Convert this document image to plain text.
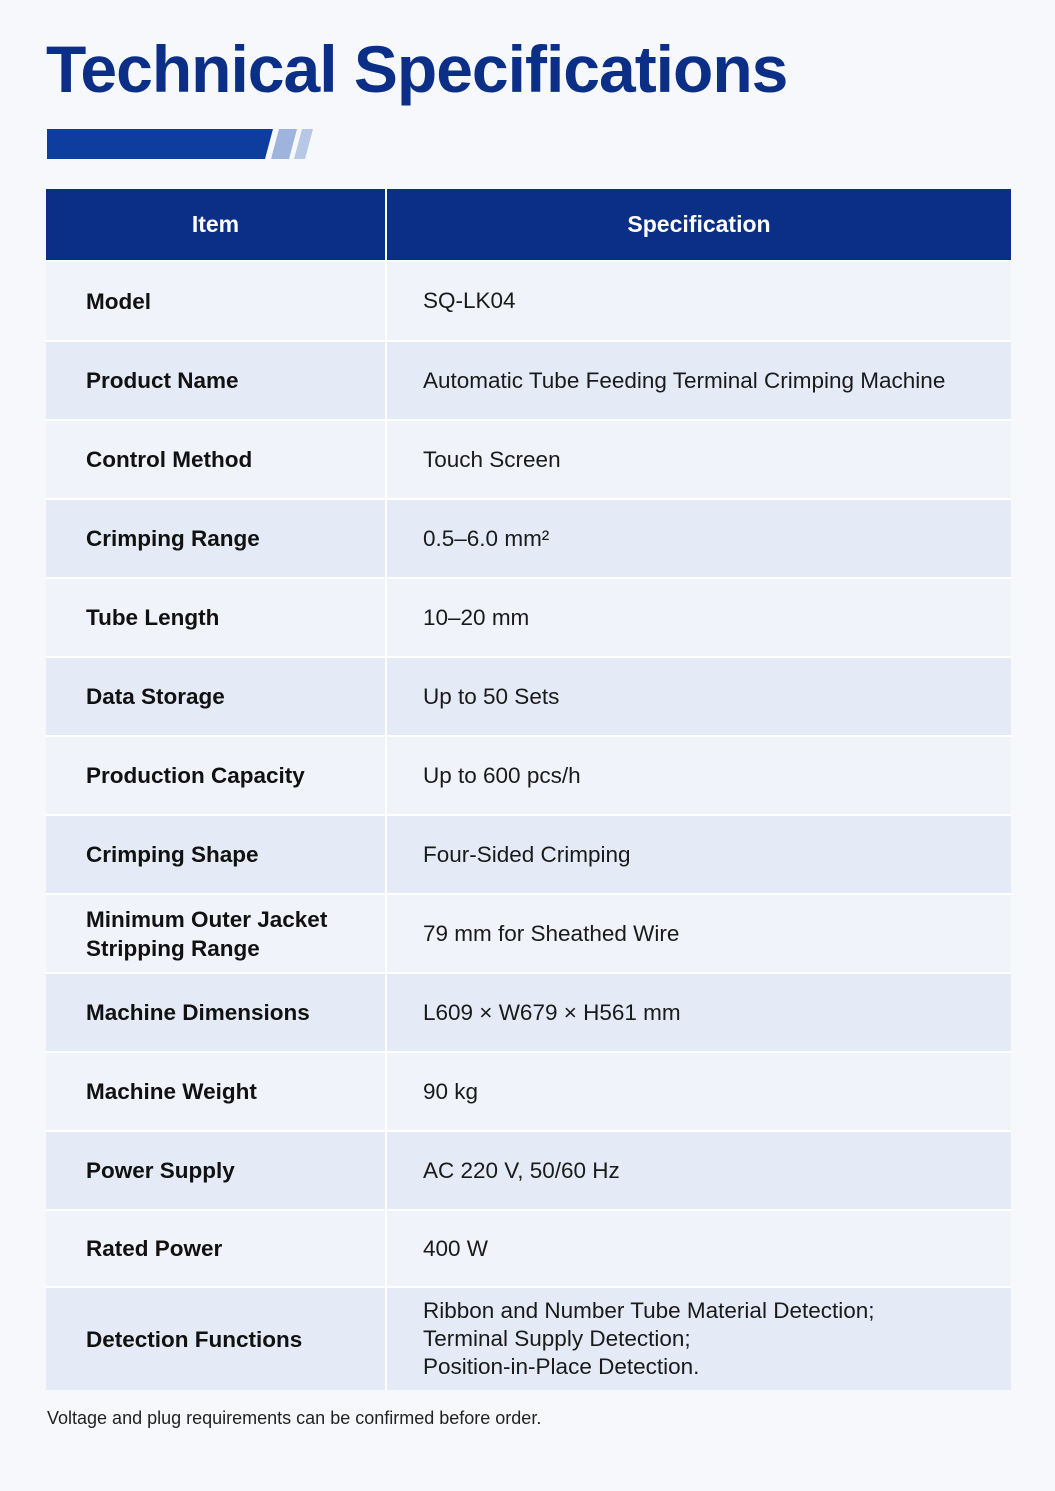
Technical Specifications
Item	Specification
Model	SQ-LK04
Product Name	Automatic Tube Feeding Terminal Crimping Machine
Control Method	Touch Screen
Crimping Range	0.5–6.0 mm²
Tube Length	10–20 mm
Data Storage	Up to 50 Sets
Production Capacity	Up to 600 pcs/h
Crimping Shape	Four-Sided Crimping

Minimum Outer Jacket
Stripping Range	79 mm for Sheathed Wire
Machine Dimensions	L609 × W679 × H561 mm
Machine Weight	90 kg
Power Supply	AC 220 V, 50/60 Hz
Rated Power	400 W
Detection Functions	Ribbon and Number Tube Material Detection;
Terminal Supply Detection;
Position-in-Place Detection.

Voltage and plug requirements can be confirmed before order.
